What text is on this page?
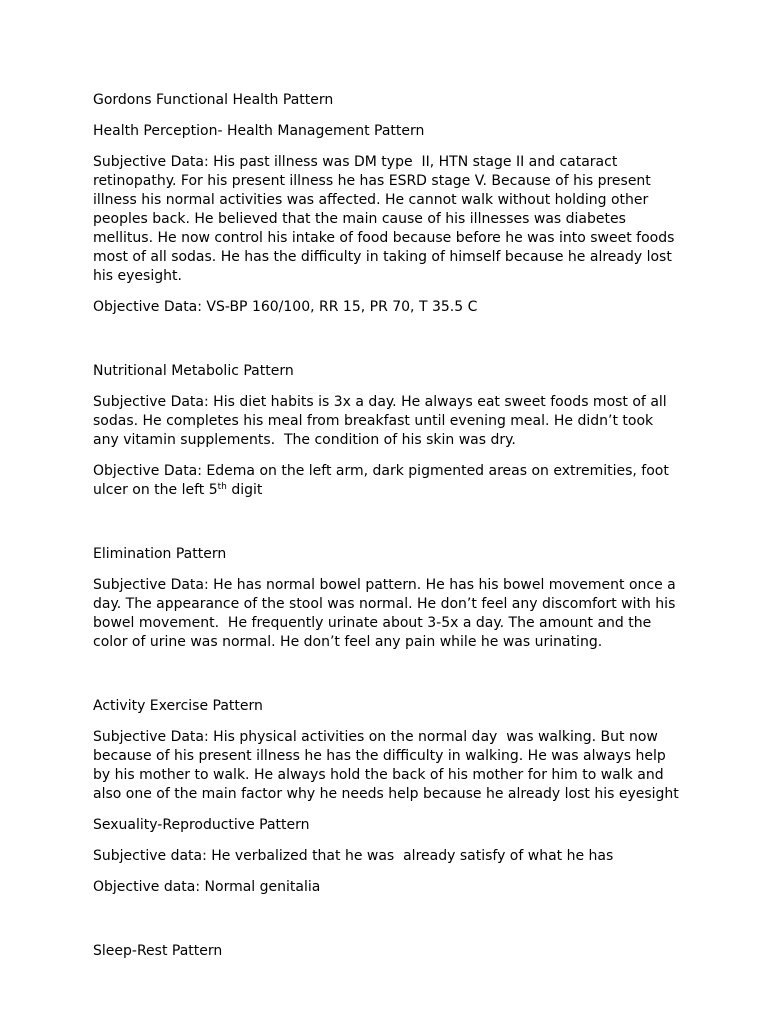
Gordons Functional Health Pattern

Health Perception- Health Management Pattern

Subjective Data: His past illness was DM type  II, HTN stage II and cataract retinopathy. For his present illness he has ESRD stage V. Because of his present illness his normal activities was affected. He cannot walk without holding other peoples back. He believed that the main cause of his illnesses was diabetes mellitus. He now control his intake of food because before he was into sweet foods most of all sodas. He has the difficulty in taking of himself because he already lost his eyesight.

Objective Data: VS-BP 160/100, RR 15, PR 70, T 35.5 C

Nutritional Metabolic Pattern

Subjective Data: His diet habits is 3x a day. He always eat sweet foods most of all sodas. He completes his meal from breakfast until evening meal. He didn’t took any vitamin supplements.  The condition of his skin was dry.

Objective Data: Edema on the left arm, dark pigmented areas on extremities, foot ulcer on the left 5th digit

Elimination Pattern

Subjective Data: He has normal bowel pattern. He has his bowel movement once a day. The appearance of the stool was normal. He don’t feel any discomfort with his bowel movement.  He frequently urinate about 3-5x a day. The amount and the color of urine was normal. He don’t feel any pain while he was urinating.

Activity Exercise Pattern

Subjective Data: His physical activities on the normal day  was walking. But now because of his present illness he has the difficulty in walking. He was always help by his mother to walk. He always hold the back of his mother for him to walk and also one of the main factor why he needs help because he already lost his eyesight

Sexuality-Reproductive Pattern

Subjective data: He verbalized that he was  already satisfy of what he has

Objective data: Normal genitalia

Sleep-Rest Pattern
